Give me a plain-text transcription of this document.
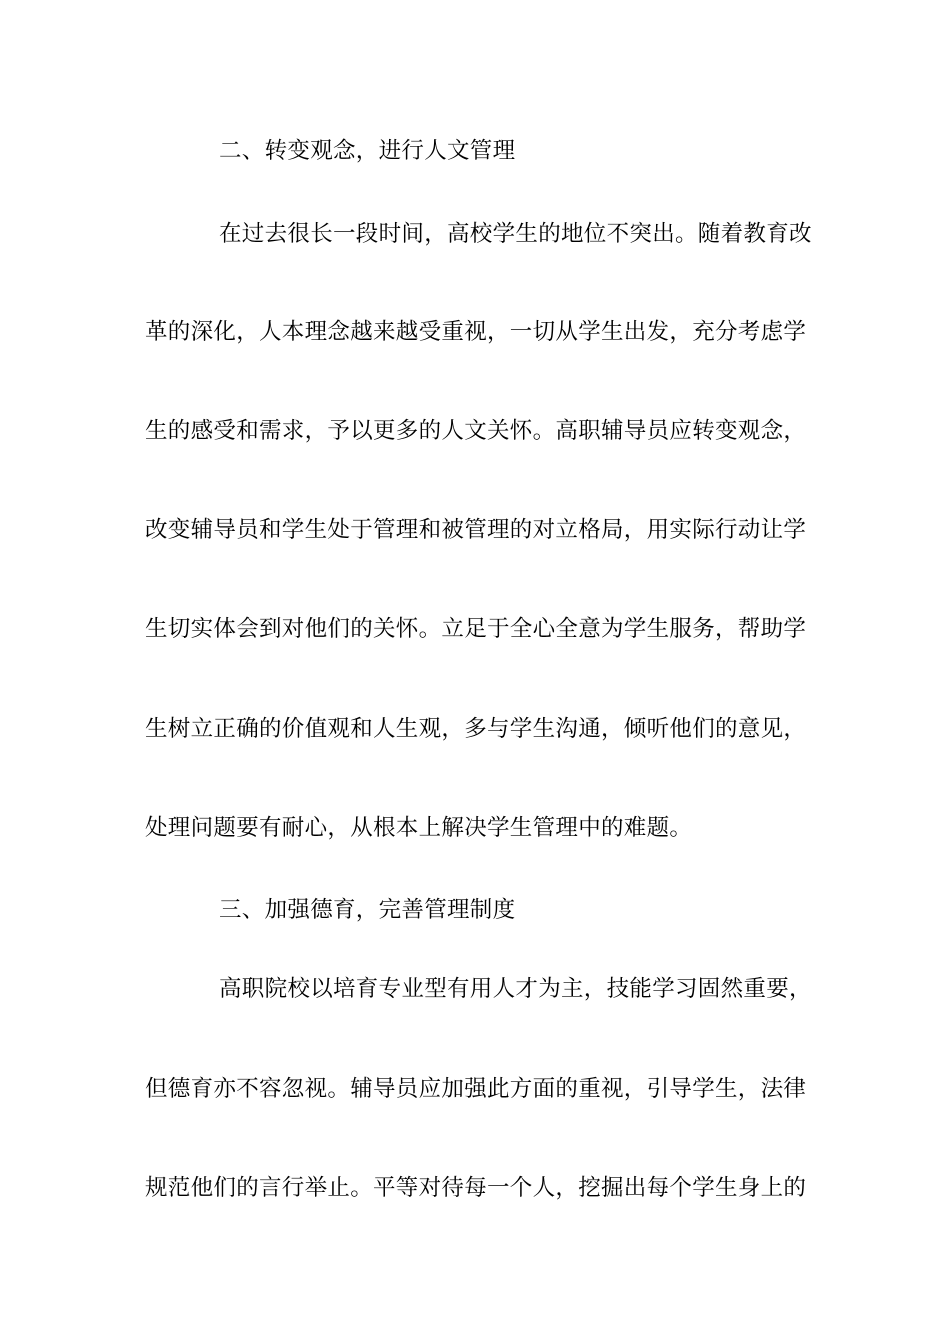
二、转变观念，进行人文管理
在过去很长一段时间，高校学生的地位不突出。随着教育改
革的深化，人本理念越来越受重视，一切从学生出发，充分考虑学
生的感受和需求，予以更多的人文关怀。高职辅导员应转变观念，
改变辅导员和学生处于管理和被管理的对立格局，用实际行动让学
生切实体会到对他们的关怀。立足于全心全意为学生服务，帮助学
生树立正确的价值观和人生观，多与学生沟通，倾听他们的意见，
处理问题要有耐心，从根本上解决学生管理中的难题。
三、加强德育，完善管理制度
高职院校以培育专业型有用人才为主，技能学习固然重要，
但德育亦不容忽视。辅导员应加强此方面的重视，引导学生，法律
规范他们的言行举止。平等对待每一个人，挖掘出每个学生身上的
